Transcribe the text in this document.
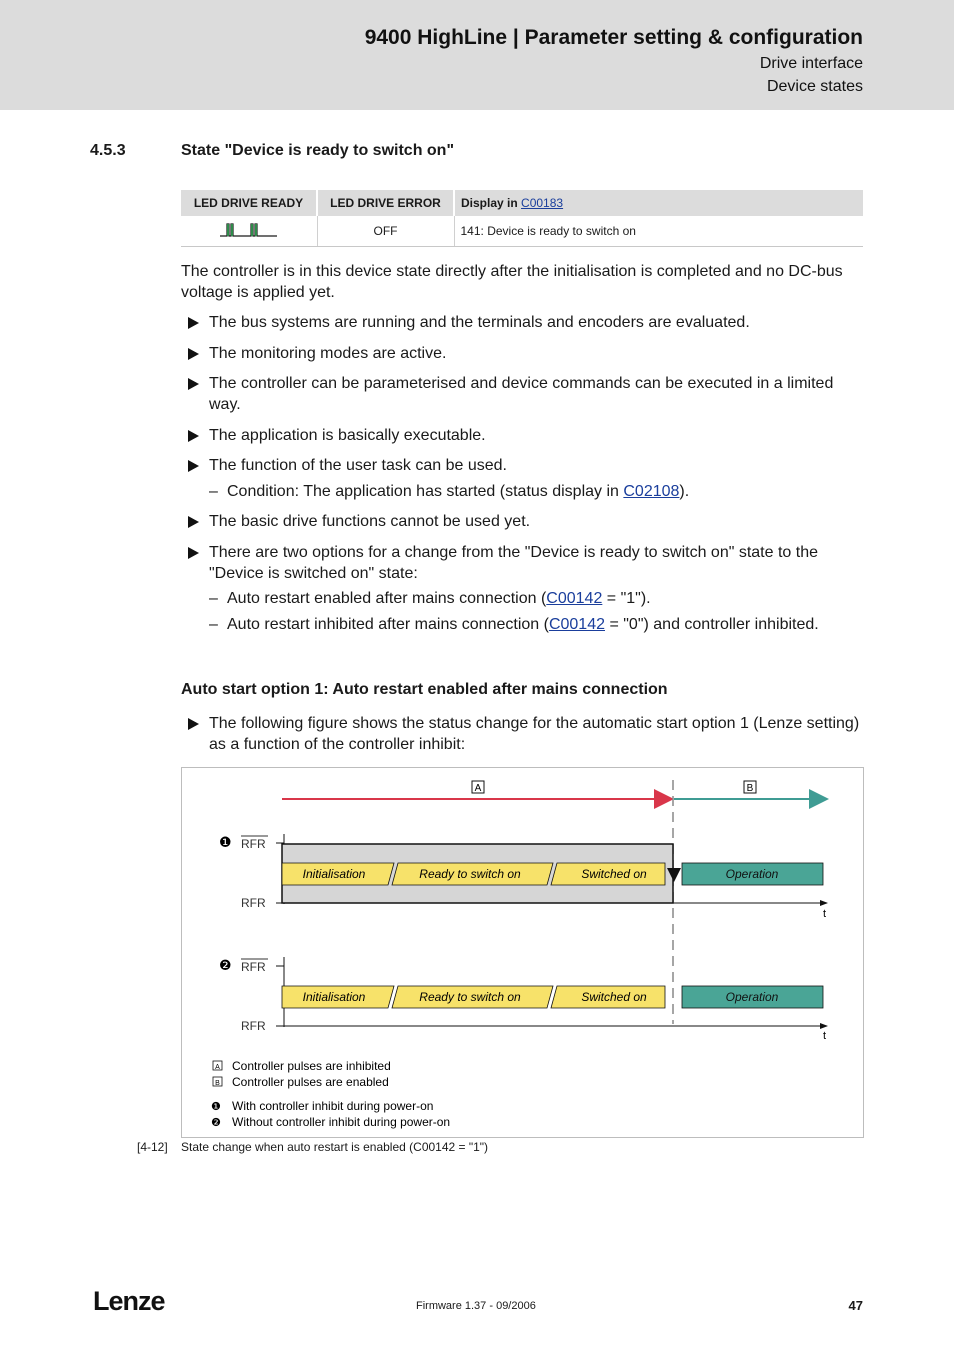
9400 HighLine | Parameter setting & configuration
Drive interface
Device states
4.5.3	State "Device is ready to switch on"
LED DRIVE READY	LED DRIVE ERROR	Display in C00183
	OFF	141: Device is ready to switch on
The controller is in this device state directly after the initialisation is completed and no DC-bus voltage is applied yet.
The bus systems are running and the terminals and encoders are evaluated.
The monitoring modes are active.
The controller can be parameterised and device commands can be executed in a limited way.
The application is basically executable.
The function of the user task can be used.
– Condition: The application has started (status display in C02108).
The basic drive functions cannot be used yet.
There are two options for a change from the "Device is ready to switch on" state to the "Device is switched on" state:
– Auto restart enabled after mains connection (C00142 = "1").
– Auto restart inhibited after mains connection (C00142 = "0") and controller inhibited.
Auto start option 1: Auto restart enabled after mains connection
The following figure shows the status change for the automatic start option 1 (Lenze setting) as a function of the controller inhibit:
A	B
❶ RFR
RFR
t
Initialisation	Ready to switch on	Switched on	Operation
❷ RFR
RFR
t
Initialisation	Ready to switch on	Switched on	Operation
A Controller pulses are inhibited
B Controller pulses are enabled
❶ With controller inhibit during power-on
❷ Without controller inhibit during power-on
[4-12] State change when auto restart is enabled (C00142 = "1")
Lenze	Firmware 1.37 - 09/2006	47
